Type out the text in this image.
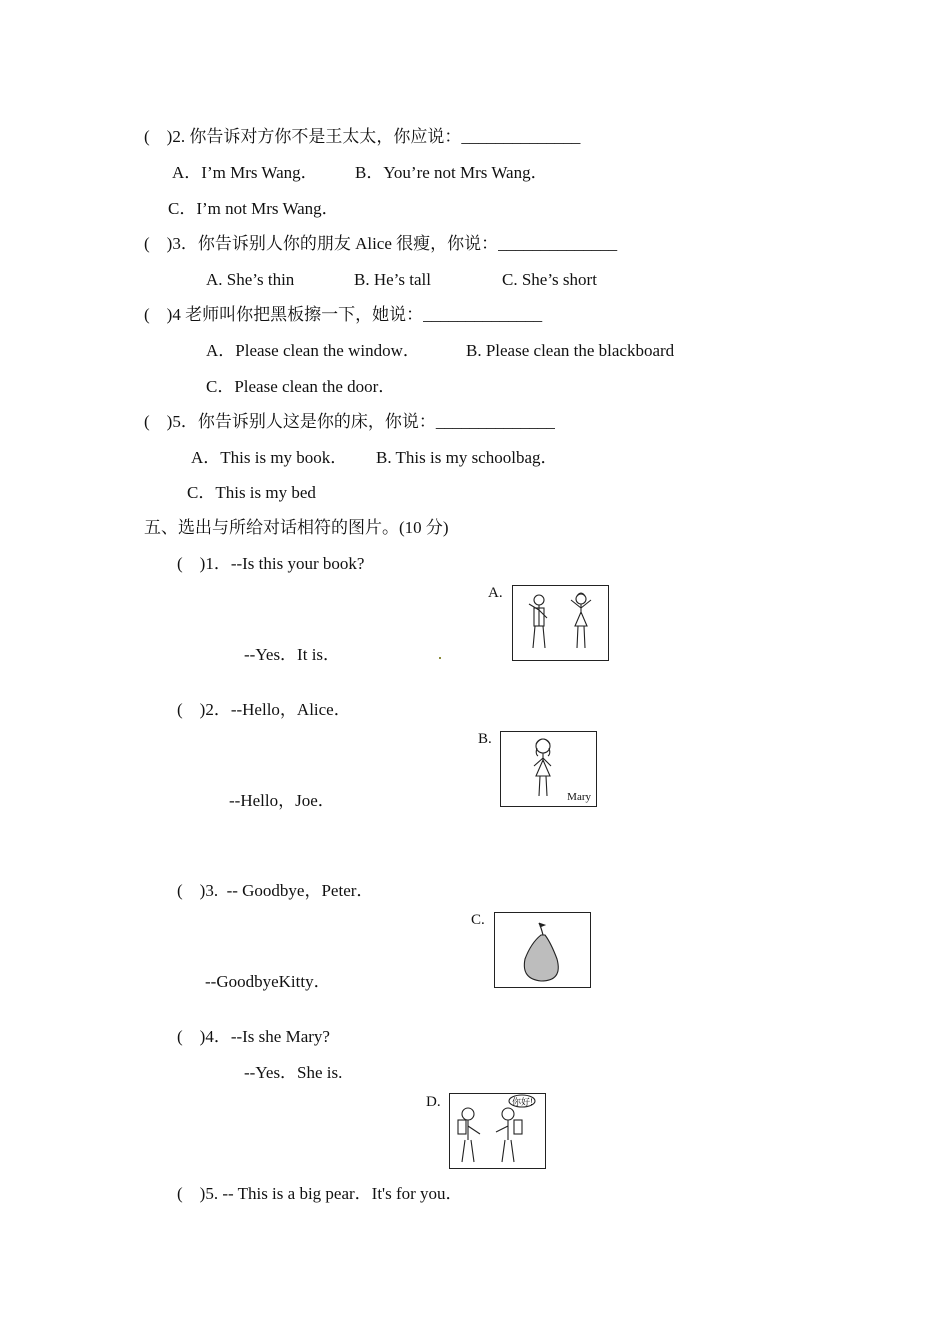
(    )2. 你告诉对方你不是王太太，你应说：______________
A．I’m Mrs Wang． B．You’re not Mrs Wang．
C．I’m not Mrs Wang．
(    )3．你告诉别人你的朋友 Alice 很瘦，你说：______________
A. She’s thin	B. He’s tall	C. She’s short
(    )4 老师叫你把黑板擦一下，她说：______________
A．Please clean the window．	B. Please clean the blackboard
C．Please clean the door．
(    )5．你告诉别人这是你的床，你说：______________
A．This is my book． B. This is my schoolbag．
C．This is my bed
五、选出与所给对话相符的图片。(10 分)
(    )1．--Is this your book?
--Yes．It is．
(    )2．--Hello，Alice．
--Hello，Joe．
(    )3.  -- Goodbye，Peter．
--GoodbyeKitty．
(    )4．--Is she Mary?
--Yes．She is.
(    )5. -- This is a big pear．It's for you．
A.
B.
Mary
C.
D.	你好!
